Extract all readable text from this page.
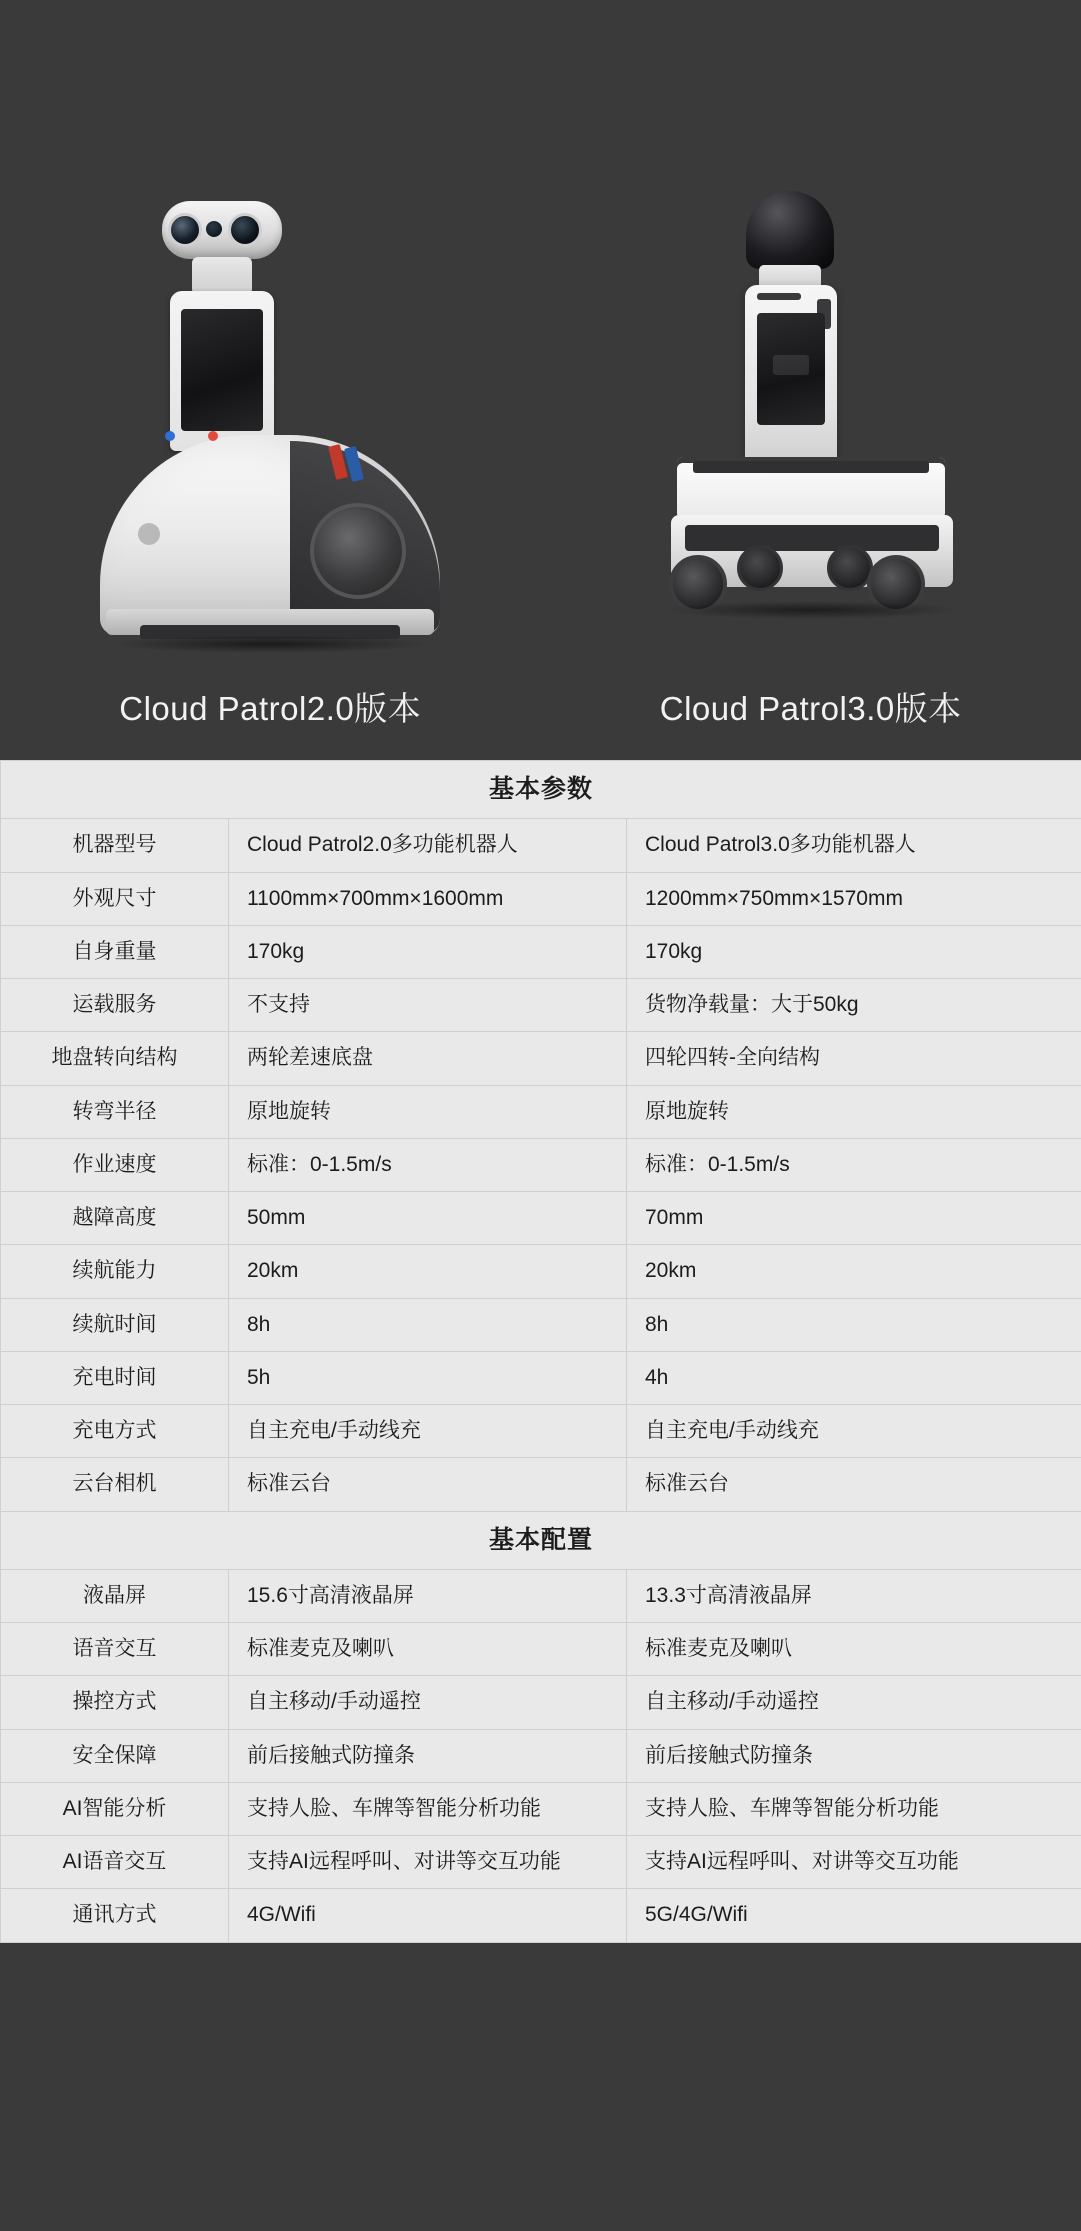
Cloud Patrol2.0版本	Cloud Patrol3.0版本
基本参数		
机器型号	Cloud Patrol2.0多功能机器人	Cloud Patrol3.0多功能机器人
外观尺寸	1100mm×700mm×1600mm	1200mm×750mm×1570mm
自身重量	170kg	170kg
运载服务	不支持	货物净载量：大于50kg
地盘转向结构	两轮差速底盘	四轮四转-全向结构
转弯半径	原地旋转	原地旋转
作业速度	标准：0-1.5m/s	标准：0-1.5m/s
越障高度	50mm	70mm
续航能力	20km	20km
续航时间	8h	8h
充电时间	5h	4h
充电方式	自主充电/手动线充	自主充电/手动线充
云台相机	标准云台	标准云台
基本配置		
液晶屏	15.6寸高清液晶屏	13.3寸高清液晶屏
语音交互	标准麦克及喇叭	标准麦克及喇叭
操控方式	自主移动/手动遥控	自主移动/手动遥控
安全保障	前后接触式防撞条	前后接触式防撞条
AI智能分析	支持人脸、车牌等智能分析功能	支持人脸、车牌等智能分析功能
AI语音交互	支持AI远程呼叫、对讲等交互功能	支持AI远程呼叫、对讲等交互功能
通讯方式	4G/Wifi	5G/4G/Wifi
